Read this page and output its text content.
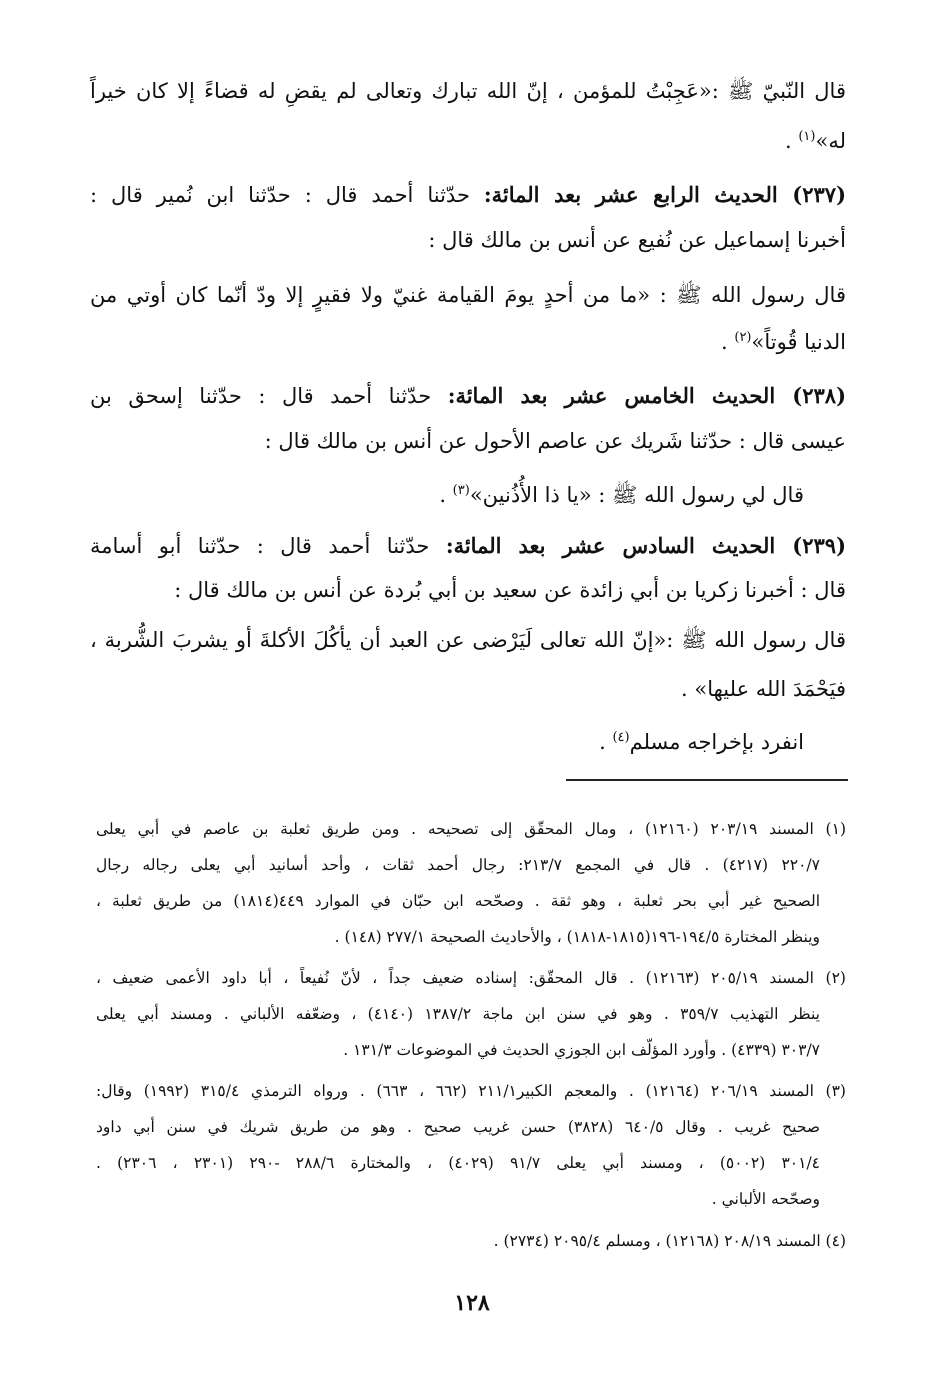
قال النّبيّ ﷺ :«عَجِبْتُ للمؤمن ، إنّ الله تبارك وتعالى لم يقضِ له قضاءً إلا كان خيراً
له»$^{(١)}$ .
(٢٣٧) الحديث الرابع عشر بعد المائة: حدّثنا أحمد قال : حدّثنا ابن نُمير قال :
أخبرنا إسماعيل عن نُفيع عن أنس بن مالك قال :
قال رسول الله ﷺ : «ما من أحدٍ يومَ القيامة غنيّ ولا فقيرٍ إلا ودّ أنّما كان أوتي من
الدنيا قُوتاً»$^{(٢)}$ .
(٢٣٨) الحديث الخامس عشر بعد المائة: حدّثنا أحمد قال : حدّثنا إسحق بن
عيسى قال : حدّثنا شَريك عن عاصم الأحول عن أنس بن مالك قال :
قال لي رسول الله ﷺ : «يا ذا الأُذُنين»$^{(٣)}$ .
(٢٣٩) الحديث السادس عشر بعد المائة: حدّثنا أحمد قال : حدّثنا أبو أسامة
قال : أخبرنا زكريا بن أبي زائدة عن سعيد بن أبي بُردة عن أنس بن مالك قال :
قال رسول الله ﷺ :«إنّ الله تعالى لَيَرْضى عن العبد أن يأكُلَ الأكلةَ أو يشربَ الشُّربة ،
فيَحْمَدَ الله عليها» .
انفرد بإخراجه مسلم$^{(٤)}$ .
(١) المسند ٢٠٣/١٩ (١٢١٦٠) ، ومال المحقّق إلى تصحيحه . ومن طريق ثعلبة بن عاصم في أبي يعلى
٢٢٠/٧ (٤٢١٧) . قال في المجمع ٢١٣/٧: رجال أحمد ثقات ، وأحد أسانيد أبي يعلى رجاله رجال
الصحيح غير أبي بحر ثعلبة ، وهو ثقة . وصحّحه ابن حبّان في الموارد ٤٤٩(١٨١٤) من طريق ثعلبة ،
وينظر المختارة ١٩٤/٥-١٩٦(١٨١٥-١٨١٨) ، والأحاديث الصحيحة ٢٧٧/١ (١٤٨) .
(٢) المسند ٢٠٥/١٩ (١٢١٦٣) . قال المحقّق: إسناده ضعيف جداً ، لأنّ نُفيعاً ، أبا داود الأعمى ضعيف ،
ينظر التهذيب ٣٥٩/٧ . وهو في سنن ابن ماجة ١٣٨٧/٢ (٤١٤٠) ، وضعّفه الألباني . ومسند أبي يعلى
٣٠٣/٧ (٤٣٣٩) . وأورد المؤلّف ابن الجوزي الحديث في الموضوعات ١٣١/٣ .
(٣) المسند ٢٠٦/١٩ (١٢١٦٤) . والمعجم الكبير٢١١/١ (٦٦٢ ، ٦٦٣) . ورواه الترمذي ٣١٥/٤ (١٩٩٢) وقال:
صحيح غريب . وقال ٦٤٠/٥ (٣٨٢٨) حسن غريب صحيح . وهو من طريق شريك في سنن أبي داود
٣٠١/٤ (٥٠٠٢) ، ومسند أبي يعلى ٩١/٧ (٤٠٢٩) ، والمختارة ٢٨٨/٦ -٢٩٠ (٢٣٠١ ، ٢٣٠٦) .
وصحّحه الألباني .
(٤) المسند ٢٠٨/١٩ (١٢١٦٨) ، ومسلم ٢٠٩٥/٤ (٢٧٣٤) .
١٢٨
